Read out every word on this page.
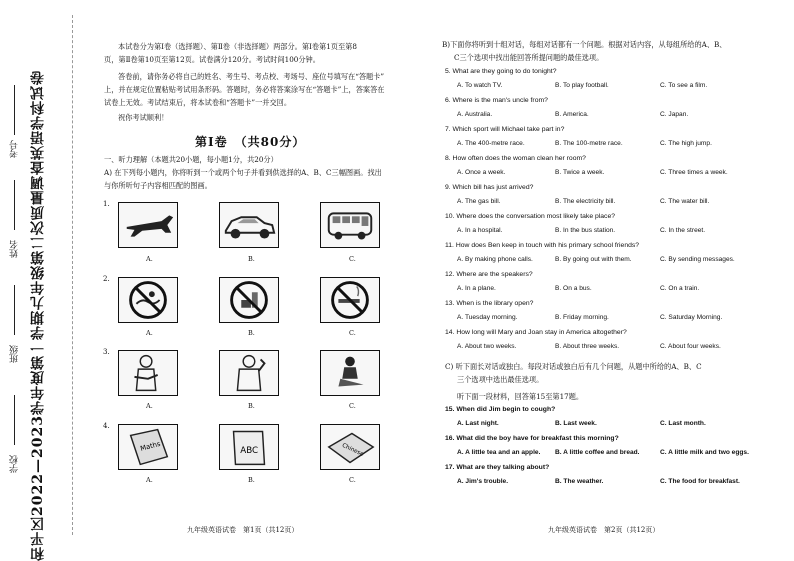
和平区2022—2023学年度第一学期九年级第二次质量调查英语学科试卷
学校
班级
姓名
考号
本试卷分为第Ⅰ卷（选择题）、第Ⅱ卷（非选择题）两部分。第Ⅰ卷第1页至第8
页，第Ⅱ卷第10页至第12页。试卷满分120分。考试时间100分钟。
答卷前，请你务必将自己的姓名、考生号、考点校、考场号、座位号填写在“答题卡”
上，并在规定位置粘贴考试用条形码。答题时，务必将答案涂写在“答题卡”上，答案答在
试卷上无效。考试结束后，将本试卷和“答题卡”一并交回。
祝你考试顺利！
第Ⅰ卷　（共80分）
一、听力理解（本题共20小题，每小题1分，共20分）
A) 在下列每小题内，你将听到一个或两个句子并看到供选择的A、B、C三幅图画。找出
与你所听句子内容相匹配的图画。
1.
A.	B.	C.
2.
A.	B.	C.
3.
A.	B.	C.
4.
Maths	ABC	Chinese
A.	B.	C.
B)下面你将听到十组对话，每组对话都有一个问题。根据对话内容，从每组所给的A、B、
C三个选项中找出能回答所提问题的最佳选项。
5. What are they going to do tonight?
A. To watch TV.	B. To play football.	C. To see a film.
6. Where is the man's uncle from?
A. Australia.	B. America.	C. Japan.
7. Which sport will Michael take part in?
A. The 400-metre race.	B. The 100-metre race.	C. The high jump.
8. How often does the woman clean her room?
A. Once a week.	B. Twice a week.	C. Three times a week.
9. Which bill has just arrived?
A. The gas bill.	B. The electricity bill.	C. The water bill.
10. Where does the conversation most likely take place?
A. In a hospital.	B. In the bus station.	C. In the street.
11. How does Ben keep in touch with his primary school friends?
A. By making phone calls.	B. By going out with them.	C. By sending messages.
12. Where are the speakers?
A. In a plane.	B. On a bus.	C. On a train.
13. When is the library open?
A. Tuesday morning.	B. Friday morning.	C. Saturday Morning.
14. How long will Mary and Joan stay in America altogether?
A. About two weeks.	B. About three weeks.	C. About four weeks.
C) 听下面长对话或独白。每段对话或独白后有几个问题，从题中所给的A、B、C
三个选项中选出最佳选项。
听下面一段材料，回答第15至第17题。
15. When did Jim begin to cough?
A. Last night.	B. Last week.	C. Last month.
16. What did the boy have for breakfast this morning?
A. A little tea and an apple. B. A little coffee and bread.	C. A little milk and two eggs.
17. What are they talking about?
A. Jim's trouble.	B. The weather.	C. The food for breakfast.
九年级英语试卷　第1页（共12页）	九年级英语试卷　第2页（共12页）
